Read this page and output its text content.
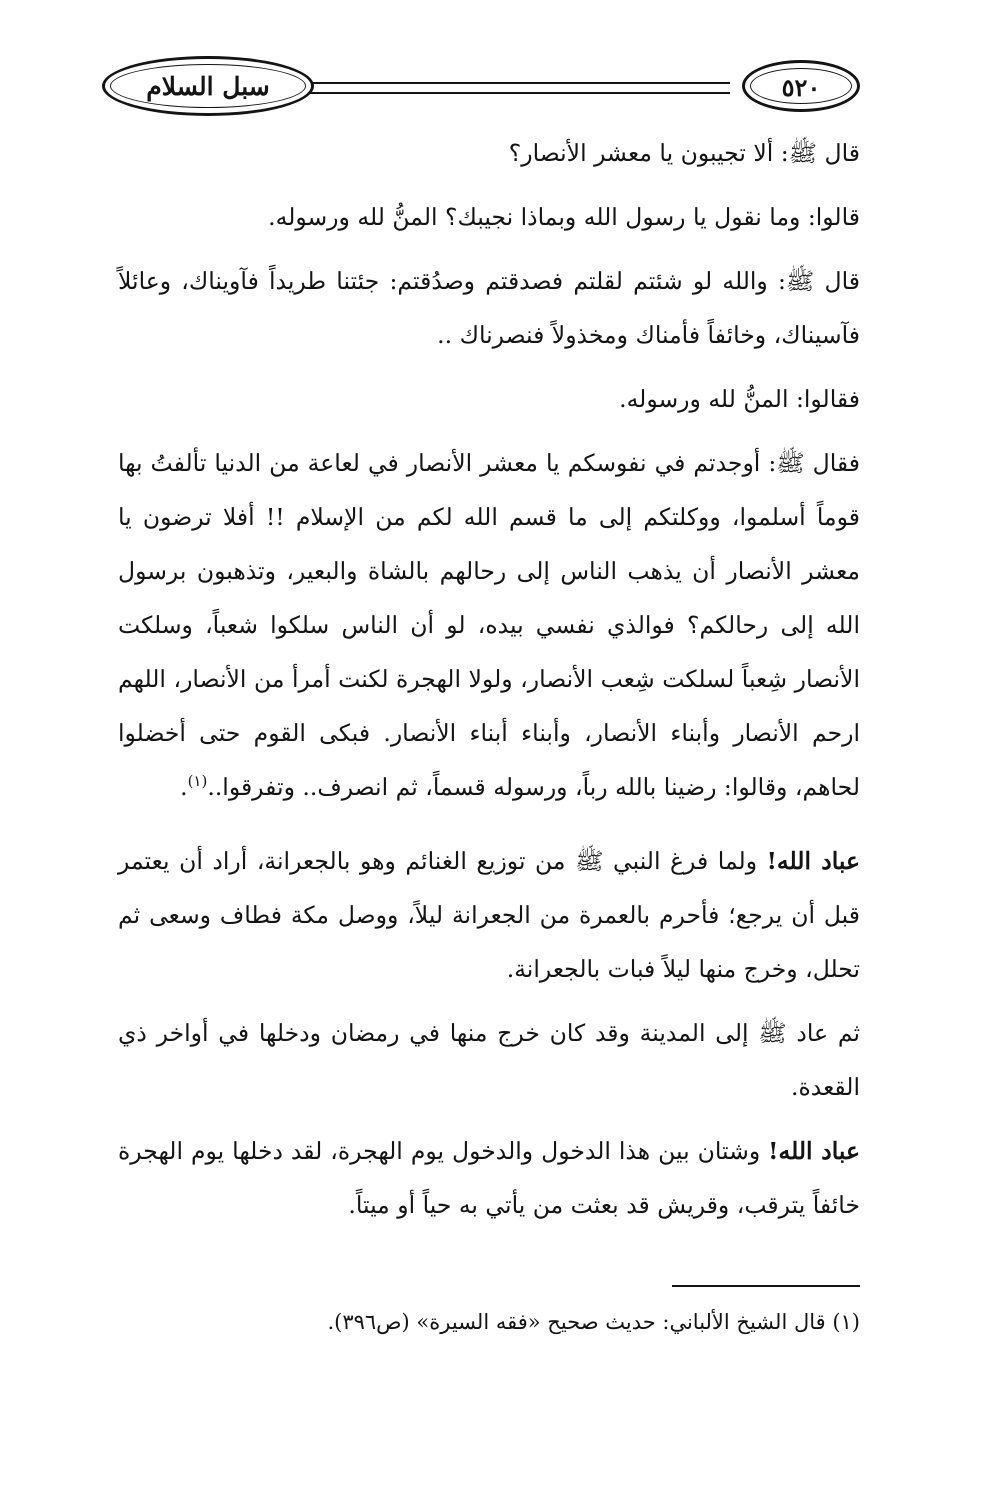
سبل السلام	٥٢٠

قال ﷺ: ألا تجيبون يا معشر الأنصار؟

قالوا: وما نقول يا رسول الله وبماذا نجيبك؟ المنُّ لله ورسوله.

قال ﷺ: والله لو شئتم لقلتم فصدقتم وصدُقتم: جئتنا طريداً فآويناك، وعائلاً فآسيناك، وخائفاً فأمناك ومخذولاً فنصرناك ..

فقالوا: المنُّ لله ورسوله.

فقال ﷺ: أوجدتم في نفوسكم يا معشر الأنصار في لعاعة من الدنيا تألفتُ بها قوماً أسلموا، ووكلتكم إلى ما قسم الله لكم من الإسلام !! أفلا ترضون يا معشر الأنصار أن يذهب الناس إلى رحالهم بالشاة والبعير، وتذهبون برسول الله إلى رحالكم؟ فوالذي نفسي بيده، لو أن الناس سلكوا شعباً، وسلكت الأنصار شِعباً لسلكت شِعب الأنصار، ولولا الهجرة لكنت أمرأ من الأنصار، اللهم ارحم الأنصار وأبناء الأنصار، وأبناء أبناء الأنصار. فبكى القوم حتى أخضلوا لحاهم، وقالوا: رضينا بالله رباً، ورسوله قسماً، ثم انصرف.. وتفرقوا..$^{(١)}$.

عباد الله! ولما فرغ النبي ﷺ من توزيع الغنائم وهو بالجعرانة، أراد أن يعتمر قبل أن يرجع؛ فأحرم بالعمرة من الجعرانة ليلاً، ووصل مكة فطاف وسعى ثم تحلل، وخرج منها ليلاً فبات بالجعرانة.

ثم عاد ﷺ إلى المدينة وقد كان خرج منها في رمضان ودخلها في أواخر ذي القعدة.

عباد الله! وشتان بين هذا الدخول والدخول يوم الهجرة، لقد دخلها يوم الهجرة خائفاً يترقب، وقريش قد بعثت من يأتي به حياً أو ميتاً.

(١) قال الشيخ الألباني: حديث صحيح «فقه السيرة» (ص٣٩٦).
